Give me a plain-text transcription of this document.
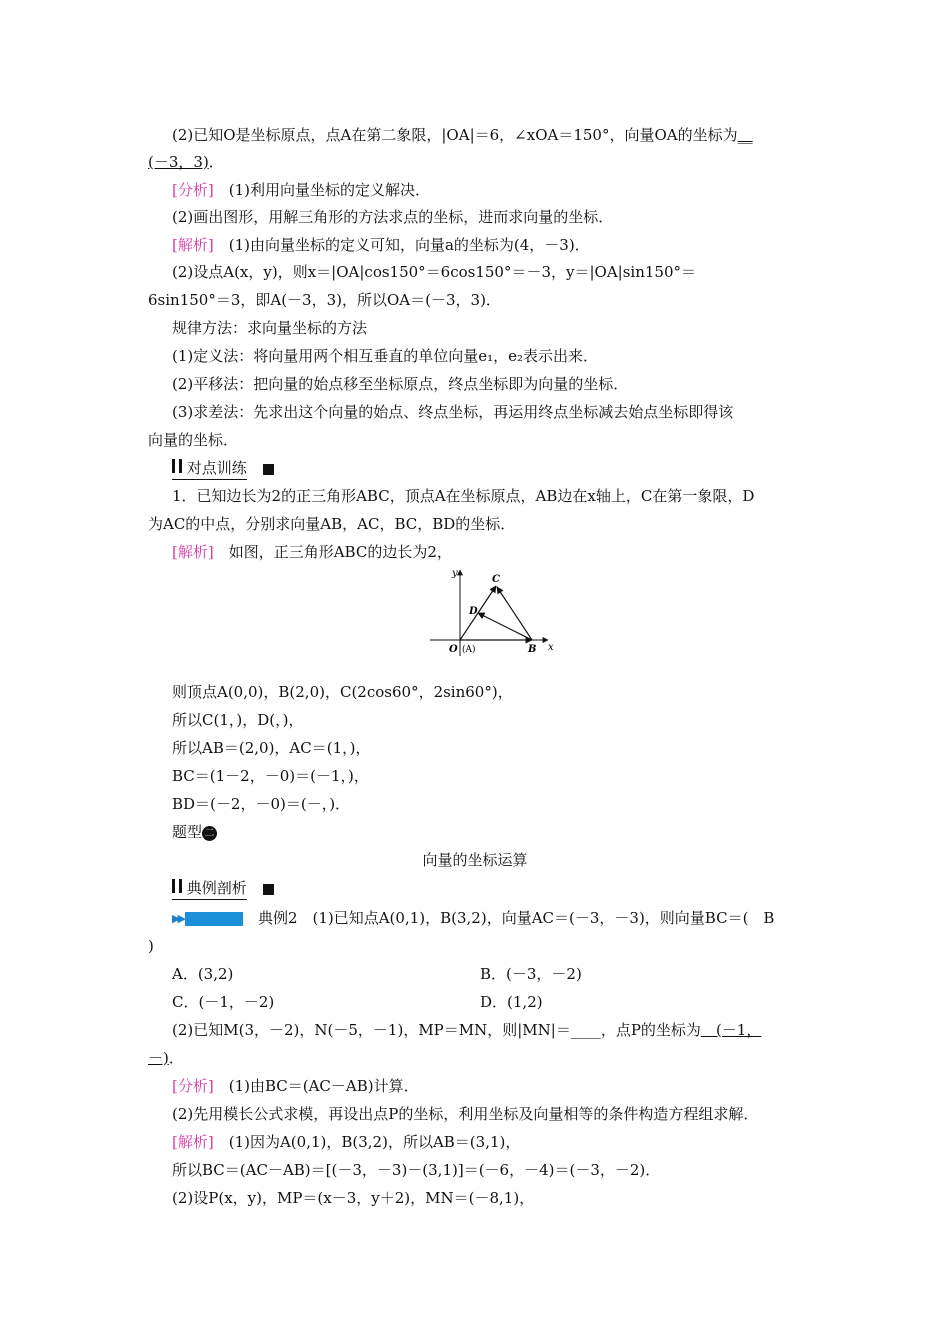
(2)已知O是坐标原点，点A在第二象限，|OA|＝6，∠xOA＝150°，向量OA的坐标为__
(－3，3)．
[分析]　(1)利用向量坐标的定义解决．
(2)画出图形，用解三角形的方法求点的坐标，进而求向量的坐标．
[解析]　(1)由向量坐标的定义可知，向量a的坐标为(4，－3)．
(2)设点A(x，y)，则x＝|OA|cos150°＝6cos150°＝－3，y＝|OA|sin150°＝
6sin150°＝3，即A(－3，3)，所以OA＝(－3，3)．
规律方法：求向量坐标的方法
(1)定义法：将向量用两个相互垂直的单位向量e₁，e₂表示出来．
(2)平移法：把向量的始点移至坐标原点，终点坐标即为向量的坐标．
(3)求差法：先求出这个向量的始点、终点坐标，再运用终点坐标减去始点坐标即得该
向量的坐标．
对点训练
1．已知边长为2的正三角形ABC，顶点A在坐标原点，AB边在x轴上，C在第一象限，D
为AC的中点，分别求向量AB，AC，BC，BD的坐标．
[解析]　如图，正三角形ABC的边长为2，
y
x
O (A)	B
C
D
则顶点A(0,0)，B(2,0)，C(2cos60°，2sin60°)，
所以C(1，)，D(，)，
所以AB＝(2,0)，AC＝(1，)，
BC＝(1－2，－0)＝(－1，)，
BD＝(－2，－0)＝(－，)．
题型 二
向量的坐标运算
典例剖析
▶▶
　	典例2　(1)已知点A(0,1)，B(3,2)，向量AC＝(－3，－3)，则向量BC＝(　B
)
A．(3,2)	B．(－3，－2)
C．(－1，－2)	D．(1,2)
(2)已知M(3，－2)，N(－5，－1)，MP＝MN，则|MN|＝____，点P的坐标为　(－1，
－)．
[分析]　(1)由BC＝(AC－AB)计算．
(2)先用模长公式求模，再设出点P的坐标，利用坐标及向量相等的条件构造方程组求解．
[解析]　(1)因为A(0,1)，B(3,2)，所以AB＝(3,1)，
所以BC＝(AC－AB)＝[(－3，－3)－(3,1)]＝(－6，－4)＝(－3，－2)．
(2)设P(x，y)，MP＝(x－3，y＋2)，MN＝(－8,1)，
